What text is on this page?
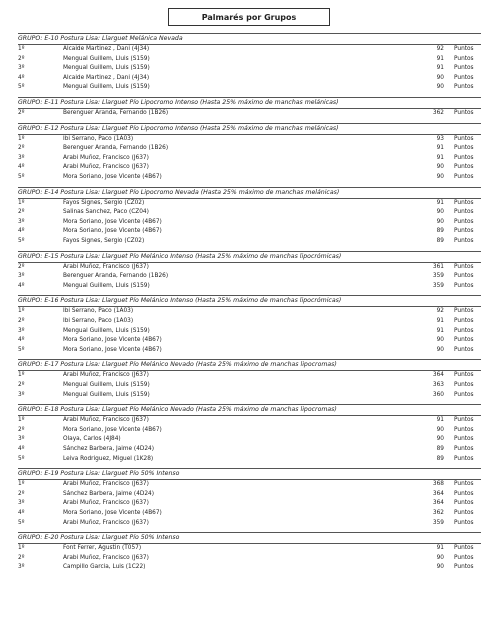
Palmarés por Grupos
GRUPO: E-10 Postura Lisa: Llarguet Melánica Nevada
1º	Alcaide Martinez , Dani (4J34)	92 Puntos
2º	Mengual Guillem, Lluis (S159)	91 Puntos
3º	Mengual Guillem, Lluis (S159)	91 Puntos
4º	Alcaide Martinez , Dani (4J34)	90 Puntos
5º	Mengual Guillem, Lluis (S159)	90 Puntos
GRUPO: E-11 Postura Lisa: Llarguet Pío Lipocromo Intenso (Hasta 25% máximo de manchas melánicas)
2º	Berenguer Aranda, Fernando (1B26)	362 Puntos
GRUPO: E-12 Postura Lisa: Llarguet Pío Lipocromo Intenso (Hasta 25% máximo de manchas melánicas)
1º	Ibi Serrano, Paco (1A03)	93 Puntos
2º	Berenguer Aranda, Fernando (1B26)	91 Puntos
3º	Arabi Muñoz, Francisco (J637)	91 Puntos
4º	Arabi Muñoz, Francisco (J637)	90 Puntos
5º	Mora Soriano, Jose Vicente (4B67)	90 Puntos
GRUPO: E-14 Postura Lisa: Llarguet Pío Lipocromo Nevada (Hasta 25% máximo de manchas melánicas)
1º	Fayos Signes, Sergio (CZ02)	91 Puntos
2º	Salinas Sanchez, Paco (CZ04)	90 Puntos
3º	Mora Soriano, Jose Vicente (4B67)	90 Puntos
4º	Mora Soriano, Jose Vicente (4B67)	89 Puntos
5º	Fayos Signes, Sergio (CZ02)	89 Puntos
GRUPO: E-15 Postura Lisa: Llarguet Pío Melánico Intenso (Hasta 25% máximo de manchas lipocrómicas)
2º	Arabi Muñoz, Francisco (J637)	361 Puntos
3º	Berenguer Aranda, Fernando (1B26)	359 Puntos
4º	Mengual Guillem, Lluis (S159)	359 Puntos
GRUPO: E-16 Postura Lisa: Llarguet Pío Melánico Intenso (Hasta 25% máximo de manchas lipocrómicas)
1º	Ibi Serrano, Paco (1A03)	92 Puntos
2º	Ibi Serrano, Paco (1A03)	91 Puntos
3º	Mengual Guillem, Lluis (S159)	91 Puntos
4º	Mora Soriano, Jose Vicente (4B67)	90 Puntos
5º	Mora Soriano, Jose Vicente (4B67)	90 Puntos
GRUPO: E-17 Postura Lisa: Llarguet Pío Melánico Nevado (Hasta 25% máximo de manchas lipocromas)
1º	Arabi Muñoz, Francisco (J637)	364 Puntos
2º	Mengual Guillem, Lluis (S159)	363 Puntos
3º	Mengual Guillem, Lluis (S159)	360 Puntos
GRUPO: E-18 Postura Lisa: Llarguet Pío Melánico Nevado (Hasta 25% máximo de manchas lipocromas)
1º	Arabi Muñoz, Francisco (J637)	91 Puntos
2º	Mora Soriano, Jose Vicente (4B67)	90 Puntos
3º	Olaya, Carlos (4J84)	90 Puntos
4º	Sánchez Barbera, Jaime (4D24)	89 Puntos
5º	Leiva Rodriguez, Miguel (1K28)	89 Puntos
GRUPO: E-19 Postura Lisa: Llarguet Pío 50% Intenso
1º	Arabi Muñoz, Francisco (J637)	368 Puntos
2º	Sánchez Barbera, Jaime (4D24)	364 Puntos
3º	Arabi Muñoz, Francisco (J637)	364 Puntos
4º	Mora Soriano, Jose Vicente (4B67)	362 Puntos
5º	Arabi Muñoz, Francisco (J637)	359 Puntos
GRUPO: E-20 Postura Lisa: Llarguet Pío 50% Intenso
1º	Font Ferrer, Agustin (T057)	91 Puntos
2º	Arabi Muñoz, Francisco (J637)	90 Puntos
3º	Campillo Garcia, Luis (1C22)	90 Puntos
